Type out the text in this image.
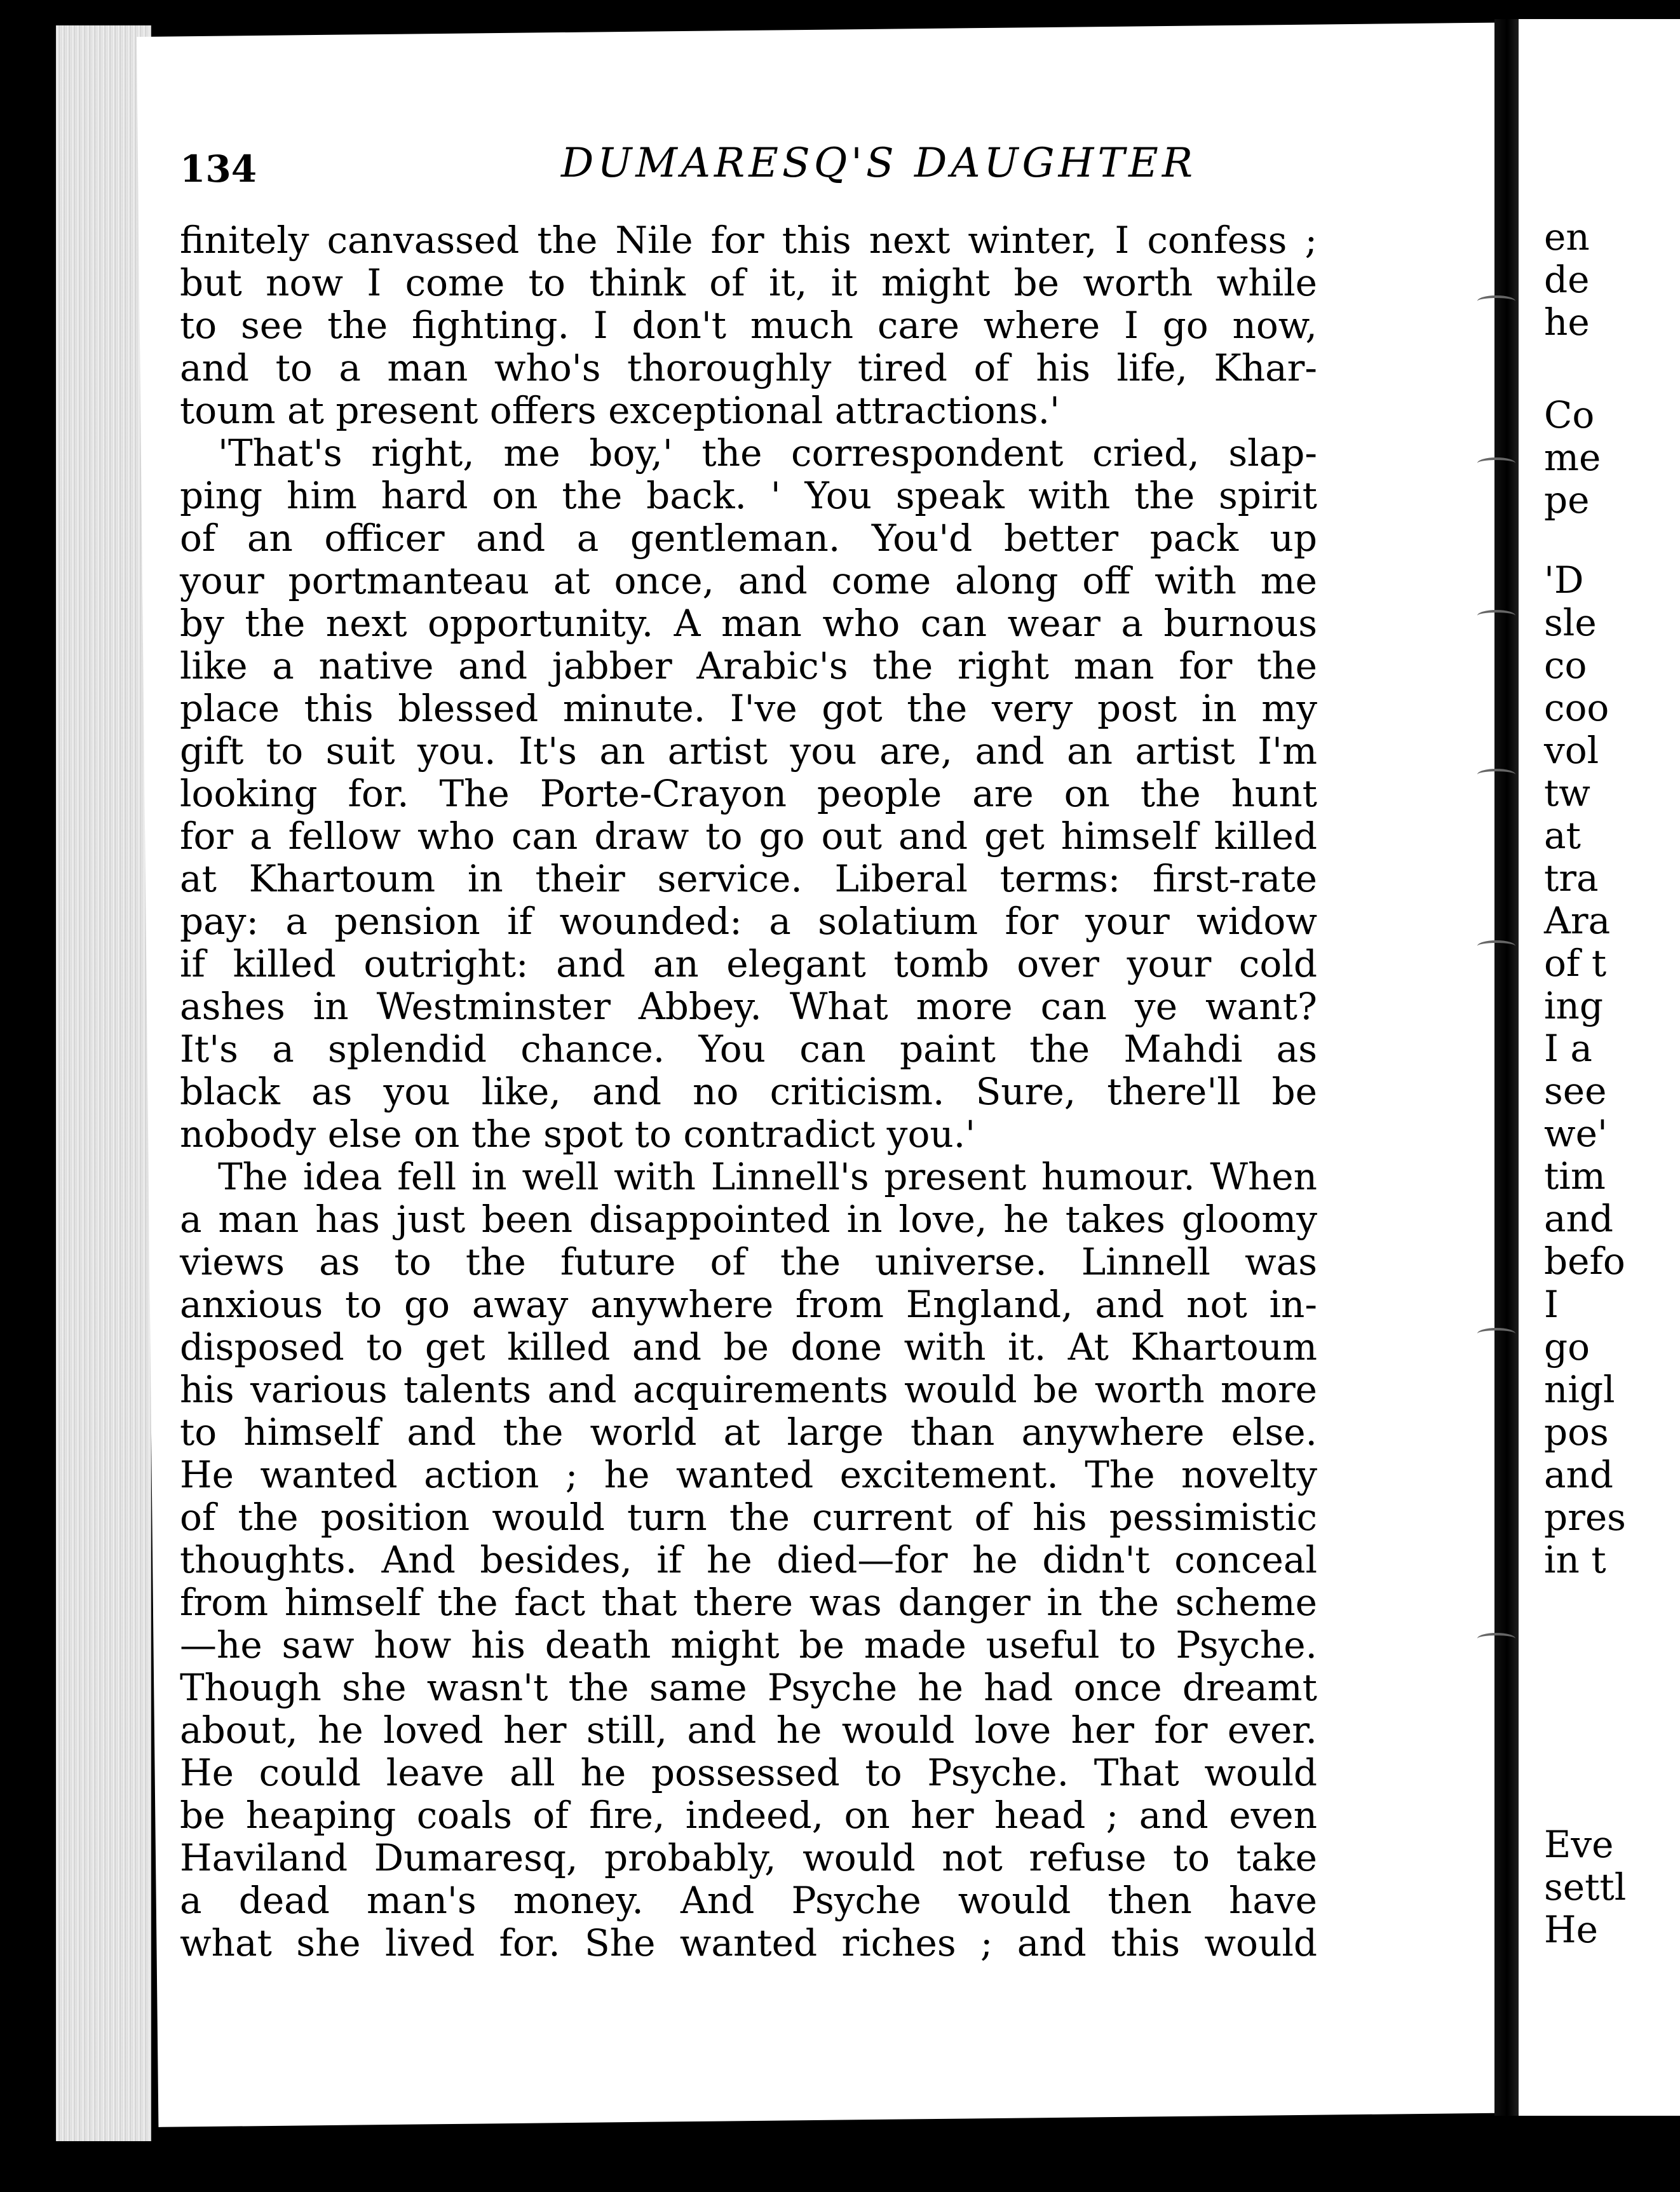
134	DUMARESQ'S DAUGHTER
finitely canvassed the Nile for this next winter, I confess ;
but now I come to think of it, it might be worth while
to see the fighting. I don't much care where I go now,
and to a man who's thoroughly tired of his life, Khar-
toum at present offers exceptional attractions.'
'That's right, me boy,' the correspondent cried, slap-
ping him hard on the back. ' You speak with the spirit
of an officer and a gentleman. You'd better pack up
your portmanteau at once, and come along off with me
by the next opportunity. A man who can wear a burnous
like a native and jabber Arabic's the right man for the
place this blessed minute. I've got the very post in my
gift to suit you. It's an artist you are, and an artist I'm
looking for. The Porte-Crayon people are on the hunt
for a fellow who can draw to go out and get himself killed
at Khartoum in their service. Liberal terms: first-rate
pay: a pension if wounded: a solatium for your widow
if killed outright: and an elegant tomb over your cold
ashes in Westminster Abbey. What more can ye want?
It's a splendid chance. You can paint the Mahdi as
black as you like, and no criticism. Sure, there'll be
nobody else on the spot to contradict you.'
The idea fell in well with Linnell's present humour. When
a man has just been disappointed in love, he takes gloomy
views as to the future of the universe. Linnell was
anxious to go away anywhere from England, and not in-
disposed to get killed and be done with it. At Khartoum
his various talents and acquirements would be worth more
to himself and the world at large than anywhere else.
He wanted action ; he wanted excitement. The novelty
of the position would turn the current of his pessimistic
thoughts. And besides, if he died—for he didn't conceal
from himself the fact that there was danger in the scheme
—he saw how his death might be made useful to Psyche.
Though she wasn't the same Psyche he had once dreamt
about, he loved her still, and he would love her for ever.
He could leave all he possessed to Psyche. That would
be heaping coals of fire, indeed, on her head ; and even
Haviland Dumaresq, probably, would not refuse to take
a dead man's money. And Psyche would then have
what she lived for. She wanted riches ; and this would
en
de
he
Co
me
pe
'D
sle
co
coo
vol
tw
at
tra
Ara
of t
ing
I a
see
we'
tim
and
befo
I
go
nigl
pos
and
pres
in t
Eve
settl
He
